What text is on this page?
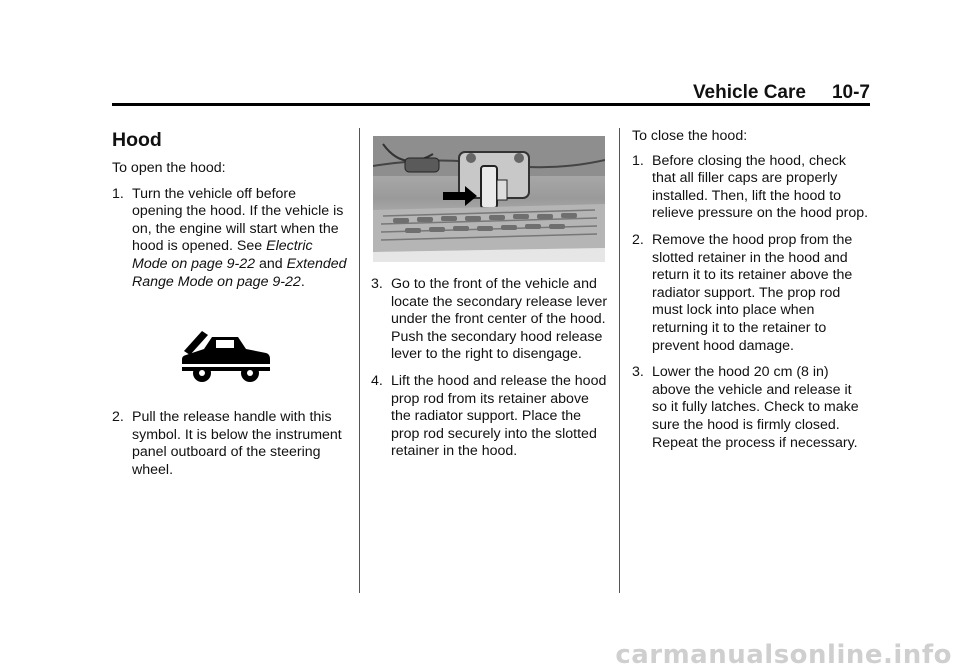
Vehicle Care 10-7
Hood

To open the hood:

1. Turn the vehicle off before opening the hood. If the vehicle is on, the engine will start when the hood is opened. See Electric Mode on page 9-22 and Extended Range Mode on page 9-22.
2. Pull the release handle with this symbol. It is below the instrument panel outboard of the steering wheel.
3. Go to the front of the vehicle and locate the secondary release lever under the front center of the hood. Push the secondary hood release lever to the right to disengage.
4. Lift the hood and release the hood prop rod from its retainer above the radiator support. Place the prop rod securely into the slotted retainer in the hood.

To close the hood:

1. Before closing the hood, check that all filler caps are properly installed. Then, lift the hood to relieve pressure on the hood prop.
2. Remove the hood prop from the slotted retainer in the hood and return it to its retainer above the radiator support. The prop rod must lock into place when returning it to the retainer to prevent hood damage.
3. Lower the hood 20 cm (8 in) above the vehicle and release it so it fully latches. Check to make sure the hood is firmly closed. Repeat the process if necessary.
carmanualsonline.info
